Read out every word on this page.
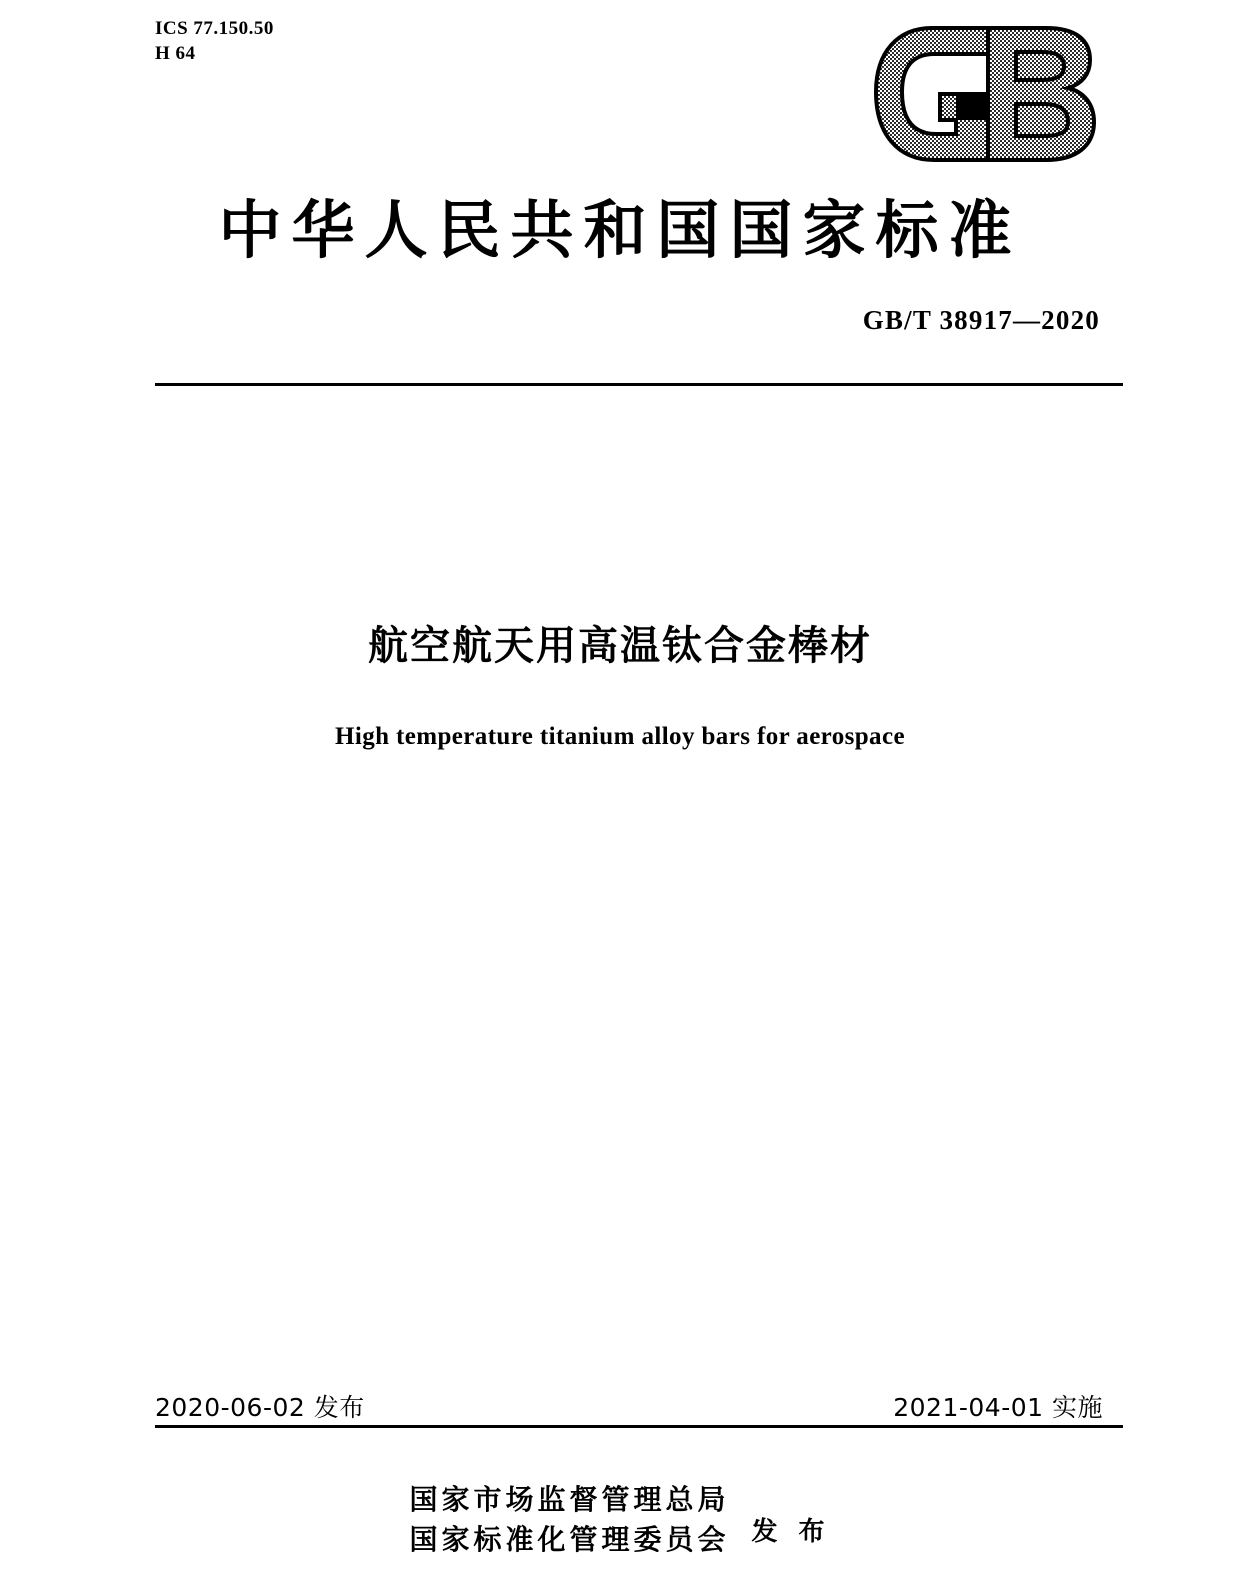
ICS 77.150.50
H 64
中华人民共和国国家标准
GB/T 38917—2020
航空航天用高温钛合金棒材
High temperature titanium alloy bars for aerospace
2020-06-02 发布	2021-04-01 实施
国家市场监督管理总局
国家标准化管理委员会 发 布
